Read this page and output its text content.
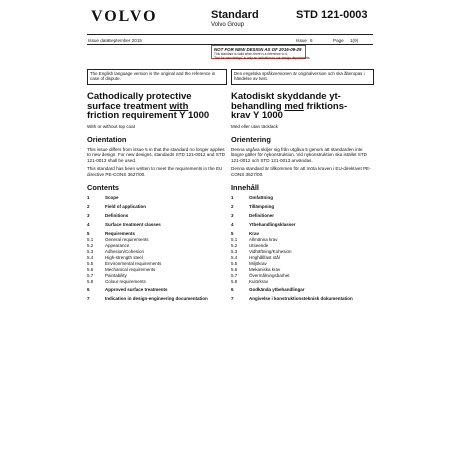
VOLVO	Standard
Volvo Group
STD 121-0003
Issue date
September 2015	Issue 6	Page 1(9)
NOT FOR NEW DESIGN AS OF 2015-09-29
This standard is valid when there is a reference to it,
"Not for new design" is only an indication to our design departments.
The English language version is the original and the reference in case of dispute.
Den engelska språkversionen är originalversion och ska åberopas i händelse av tvist.
Cathodically protective
surface treatment with
friction requirement Y 1000
With or without top coat
Orientation
This issue differs from issue 5 in that the standard no longer applies to new design. For new designs, standards STD 121-0012 and STD 121-0013 shall be used.
This standard has been written to meet the requirements in the EU directive PE-CONS 3627/00.
Contents
1	Scope
2	Field of application
3	Definitions
4	Surface treatment classes
5	Requirements
5.1	General requirements
5.2	Appearance
5.3	Adhesion/Cohesion
5.4	High-strength steel
5.5	Environmental requirements
5.6	Mechanical requirements
5.7	Paintability
5.8	Colour requirements
6	Approved surface treatments
7	Indication in design-engineering documentation
Katodiskt skyddande yt-
behandling med friktions-
krav Y 1000
Med eller utan täcklack
Orientering
Denna utgåva skiljer sig från utgåva 5 genom att standarden inte längre gäller för nykonstruktion. Vid nykonstruktion ska istället STD 121-0012 och STD 121-0013 användas.
Denna standard är tillkommen för att möta kraven i EU-direktivet PE-CONS 3627/00.
Innehåll
1	Omfattning
2	Tillämpning
3	Definitioner
4	Ytbehandlingsklasser
5	Krav
5.1	Allmänna krav
5.2	Utseende
5.3	Vidhäftning/Kohesion
5.4	Höghållfast stål
5.5	Miljökrav
5.6	Mekaniska krav
5.7	Övermålningsbarhet
5.8	Kulörkrav
6	Godkända ytbehandlingar
7	Angivelse i konstruktionsteknisk dokumentation
